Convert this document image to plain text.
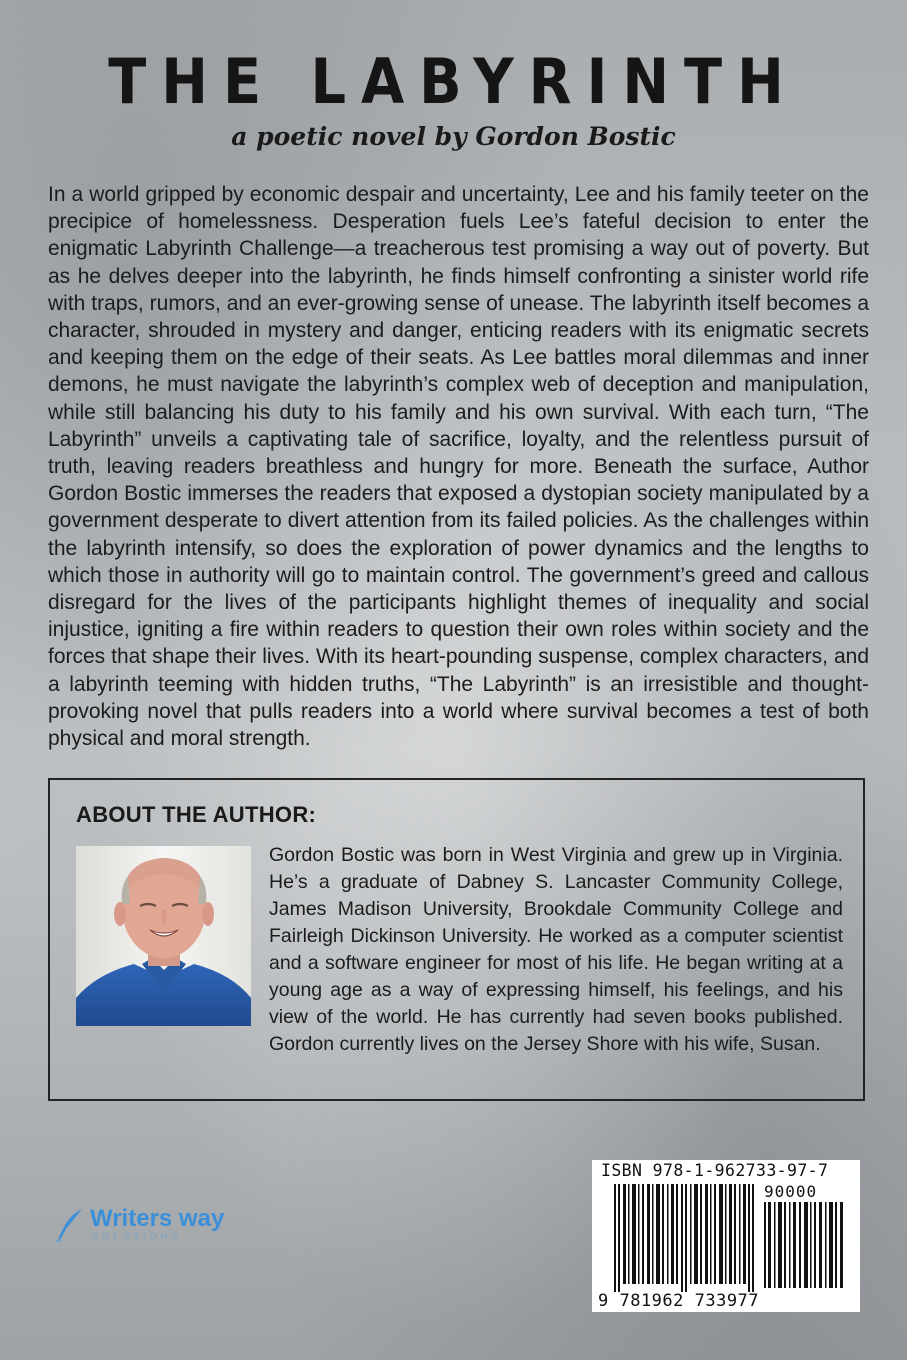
THE LABYRINTH
a poetic novel by Gordon Bostic

In a world gripped by economic despair and uncertainty, Lee and his family teeter on the precipice of homelessness. Desperation fuels Lee’s fateful decision to enter the enigmatic Labyrinth Challenge—a treacherous test promising a way out of poverty. But as he delves deeper into the labyrinth, he finds himself confronting a sinister world rife with traps, rumors, and an ever-growing sense of unease. The labyrinth itself becomes a character, shrouded in mystery and danger, enticing readers with its enigmatic secrets and keeping them on the edge of their seats. As Lee battles moral dilemmas and inner demons, he must navigate the labyrinth’s complex web of deception and manipulation, while still balancing his duty to his family and his own survival. With each turn, “The Labyrinth” unveils a captivating tale of sacrifice, loyalty, and the relentless pursuit of truth, leaving readers breathless and hungry for more. Beneath the surface, Author Gordon Bostic immerses the readers that exposed a dystopian society manipulated by a government desperate to divert attention from its failed policies. As the challenges within the labyrinth intensify, so does the exploration of power dynamics and the lengths to which those in authority will go to maintain control. The government’s greed and callous disregard for the lives of the participants highlight themes of inequality and social injustice, igniting a fire within readers to question their own roles within society and the forces that shape their lives. With its heart-pounding suspense, complex characters, and a labyrinth teeming with hidden truths, “The Labyrinth” is an irresistible and thought-provoking novel that pulls readers into a world where survival becomes a test of both physical and moral strength.

ABOUT THE AUTHOR:
Gordon Bostic was born in West Virginia and grew up in Virginia. He’s a graduate of Dabney S. Lancaster Community College, James Madison University, Brookdale Community College and Fairleigh Dickinson University. He worked as a computer scientist and a software engineer for most of his life. He began writing at a young age as a way of expressing himself, his feelings, and his view of the world. He has currently had seven books published. Gordon currently lives on the Jersey Shore with his wife, Susan.
Writers way
SOLUTIONS
ISBN 978-1-962733-97-7
90000
9 781962 733977
